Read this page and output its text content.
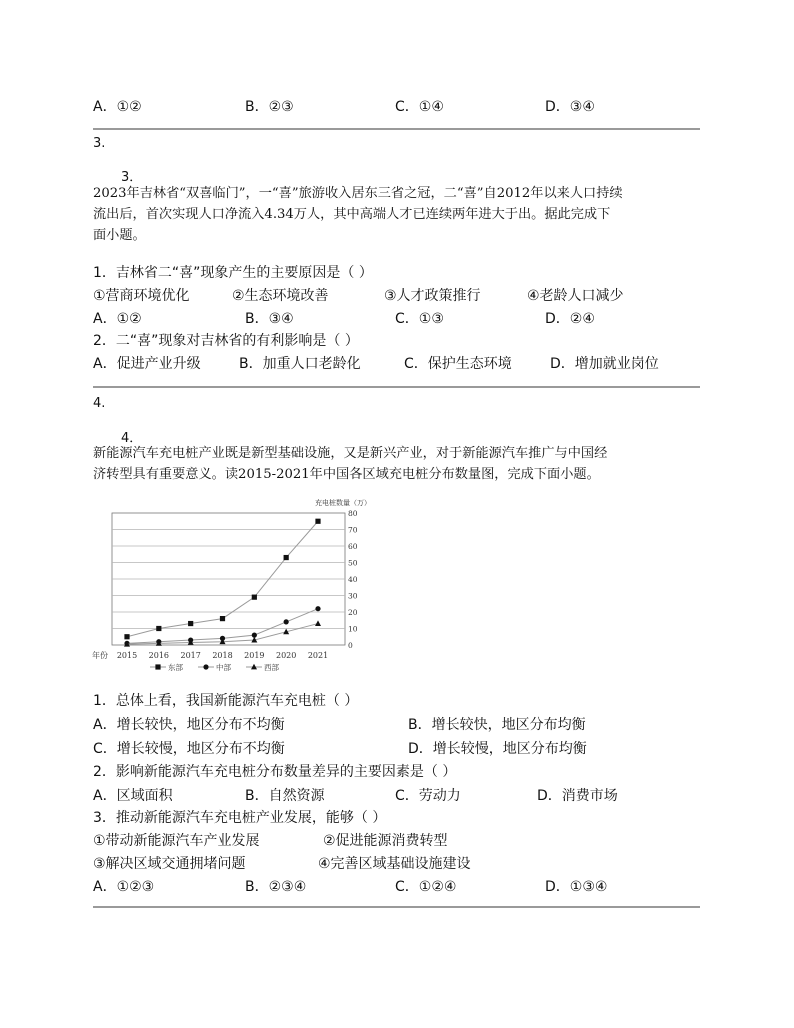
A．①②	B．②③	C．①④	D．③④
3.
3．
2023年吉林省“双喜临门”，一“喜”旅游收入居东三省之冠，二“喜”自2012年以来人口持续
流出后，首次实现人口净流入4.34万人，其中高端人才已连续两年进大于出。据此完成下
面小题。
1．吉林省二“喜”现象产生的主要原因是（ ）
①营商环境优化	②生态环境改善	③人才政策推行	④老龄人口减少
A．①②	B．③④	C．①③	D．②④
2．二“喜”现象对吉林省的有利影响是（ ）
A．促进产业升级	B．加重人口老龄化	C．保护生态环境	D．增加就业岗位
4.
4．
新能源汽车充电桩产业既是新型基础设施，又是新兴产业，对于新能源汽车推广与中国经
济转型具有重要意义。读2015-2021年中国各区域充电桩分布数量图，完成下面小题。
0
10
20
30
40
50
60
70
80
充电桩数量（万）
年份 2015 2016 2017 2018 2019 2020 2021
东部	中部	西部
1．总体上看，我国新能源汽车充电桩（ ）
A．增长较快，地区分布不均衡	B．增长较快，地区分布均衡
C．增长较慢，地区分布不均衡	D．增长较慢，地区分布均衡
2．影响新能源汽车充电桩分布数量差异的主要因素是（ ）
A．区域面积	B．自然资源	C．劳动力	D．消费市场
3．推动新能源汽车充电桩产业发展，能够（ ）
①带动新能源汽车产业发展	②促进能源消费转型
③解决区域交通拥堵问题	④完善区域基础设施建设
A．①②③	B．②③④	C．①②④	D．①③④
